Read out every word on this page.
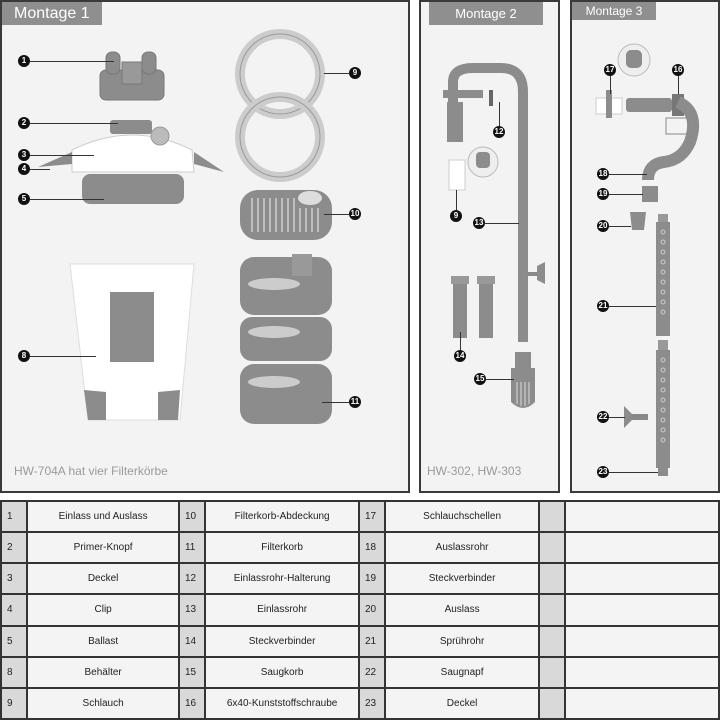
Montage 1
1
2
3
4
5
8
9
10
11
HW-704A hat vier Filterkörbe
Montage 2
12
9
13
14
15
HW-302, HW-303
Montage 3
17	16
18
19
20
21
22
23
1	Einlass und Auslass	10	Filterkorb-Abdeckung	17	Schlauchschellen		
2	Primer-Knopf	11	Filterkorb	18	Auslassrohr		
3	Deckel	12	Einlassrohr-Halterung	19	Steckverbinder		
4	Clip	13	Einlassrohr	20	Auslass		
5	Ballast	14	Steckverbinder	21	Sprührohr		
8	Behälter	15	Saugkorb	22	Saugnapf		
9	Schlauch	16	6x40-Kunststoffschraube	23	Deckel		
